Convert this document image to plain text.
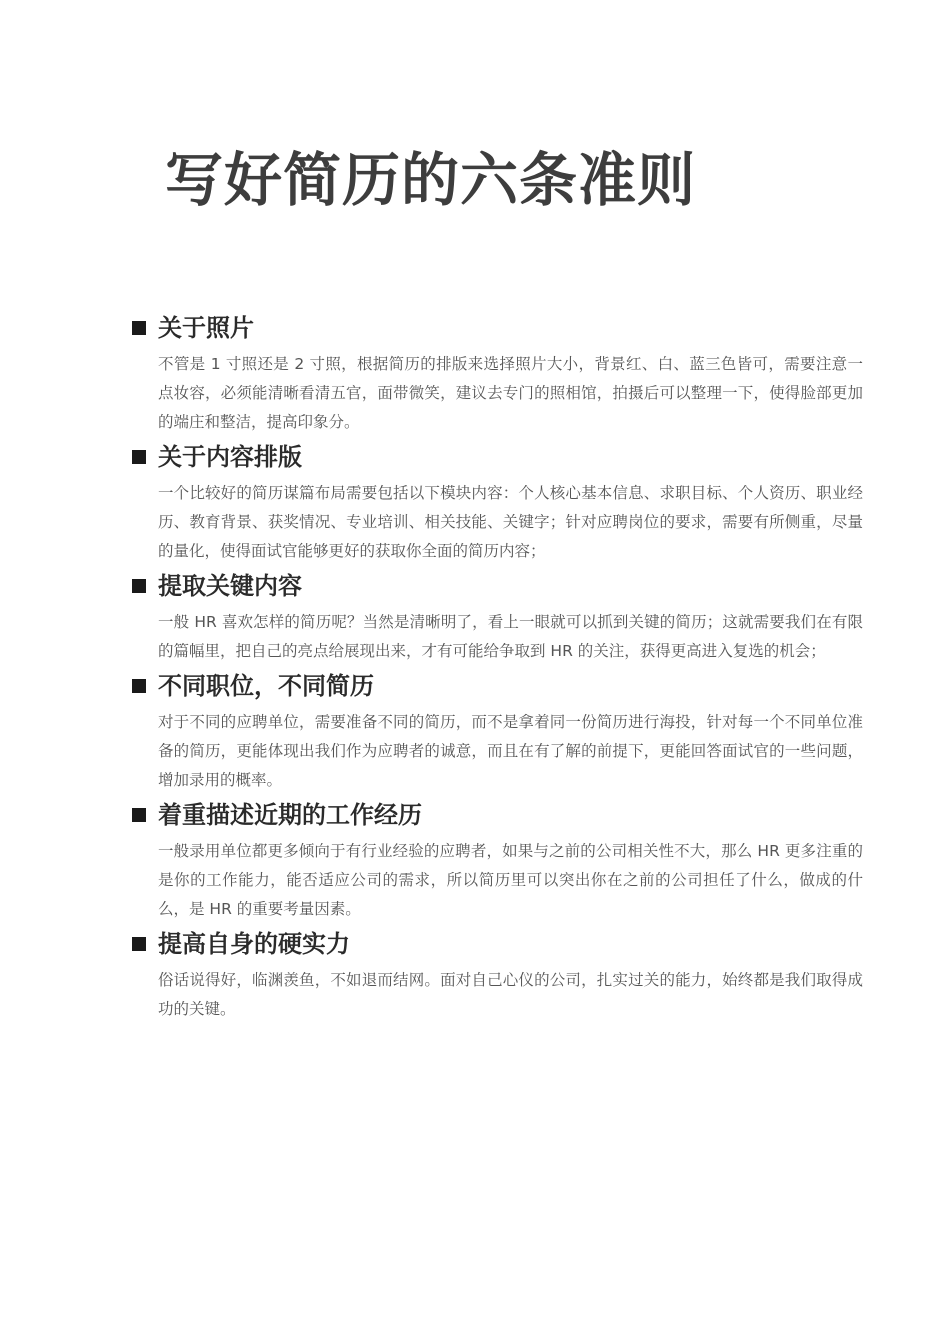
写好简历的六条准则
关于照片

不管是 1 寸照还是 2 寸照，根据简历的排版来选择照片大小，背景红、白、蓝三色皆可，需要注意一点妆容，必须能清晰看清五官，面带微笑，建议去专门的照相馆，拍摄后可以整理一下，使得脸部更加的端庄和整洁，提高印象分。

关于内容排版

一个比较好的简历谋篇布局需要包括以下模块内容：个人核心基本信息、求职目标、个人资历、职业经历、教育背景、获奖情况、专业培训、相关技能、关键字；针对应聘岗位的要求，需要有所侧重，尽量的量化，使得面试官能够更好的获取你全面的简历内容；

提取关键内容

一般 HR 喜欢怎样的简历呢？当然是清晰明了，看上一眼就可以抓到关键的简历；这就需要我们在有限的篇幅里，把自己的亮点给展现出来，才有可能给争取到 HR 的关注，获得更高进入复选的机会；

不同职位，不同简历

对于不同的应聘单位，需要准备不同的简历，而不是拿着同一份简历进行海投，针对每一个不同单位准备的简历，更能体现出我们作为应聘者的诚意，而且在有了解的前提下，更能回答面试官的一些问题，增加录用的概率。

着重描述近期的工作经历

一般录用单位都更多倾向于有行业经验的应聘者，如果与之前的公司相关性不大，那么 HR 更多注重的是你的工作能力，能否适应公司的需求，所以简历里可以突出你在之前的公司担任了什么，做成的什么，是 HR 的重要考量因素。

提高自身的硬实力

俗话说得好，临渊羡鱼，不如退而结网。面对自己心仪的公司，扎实过关的能力，始终都是我们取得成功的关键。
